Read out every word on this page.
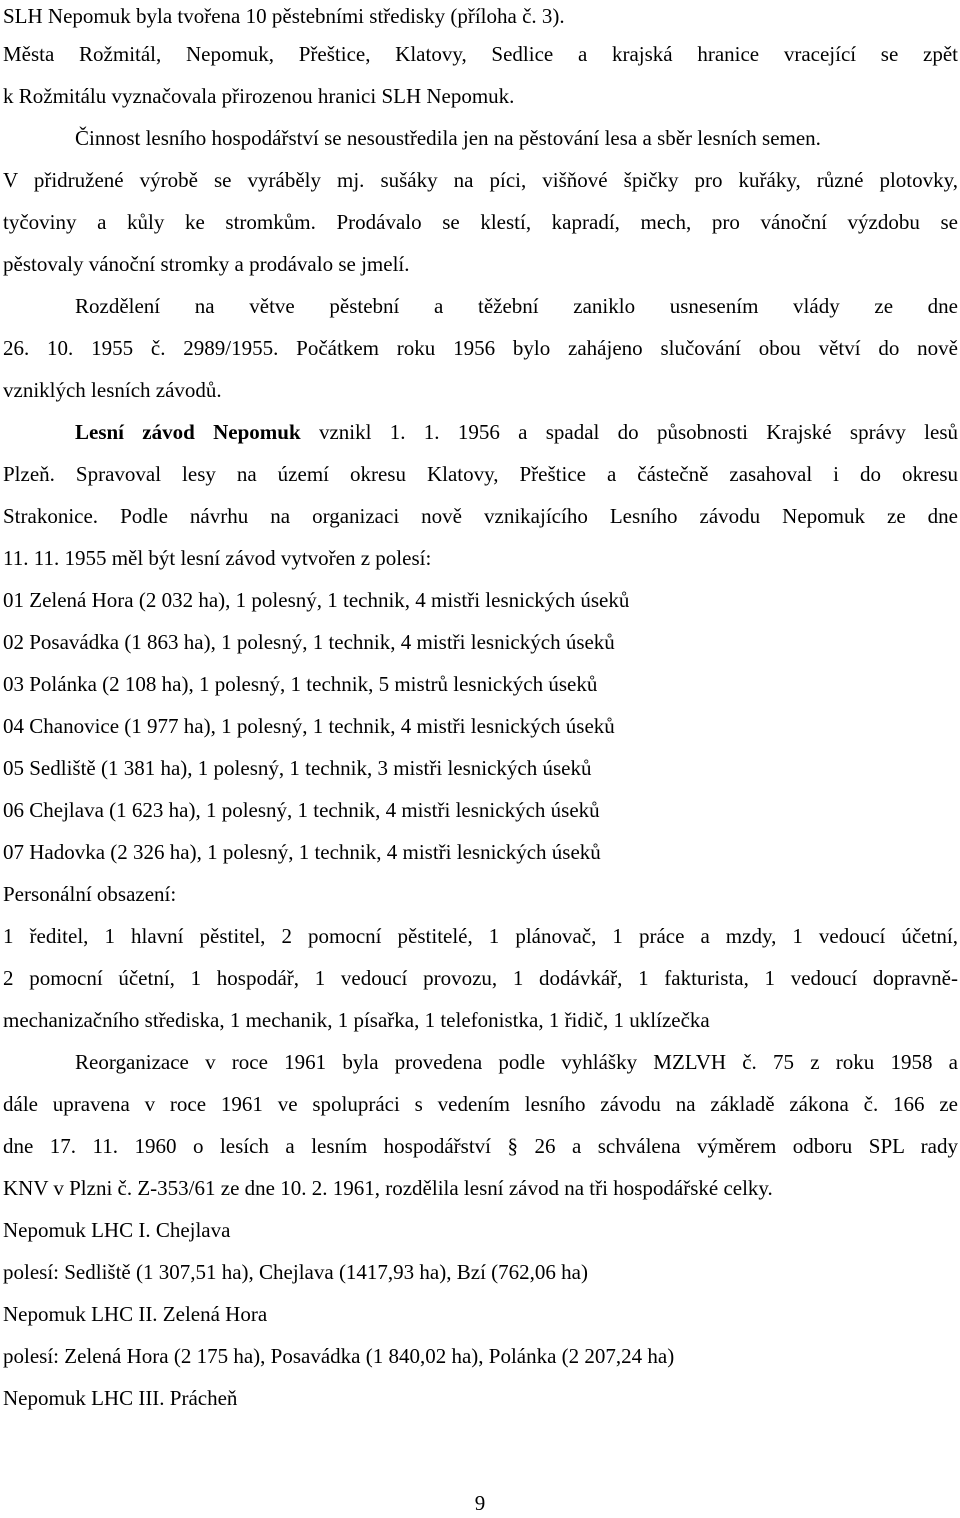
SLH Nepomuk byla tvořena 10 pěstebními středisky (příloha č. 3).

Města Rožmitál, Nepomuk, Přeštice, Klatovy, Sedlice a krajská hranice vracející se zpět

k Rožmitálu vyznačovala přirozenou hranici SLH Nepomuk.

Činnost lesního hospodářství se nesoustředila jen na pěstování lesa a sběr lesních semen.

V přidružené výrobě se vyráběly mj. sušáky na píci, višňové špičky pro kuřáky, různé plotovky,

tyčoviny a kůly ke stromkům. Prodávalo se klestí, kapradí, mech, pro vánoční výzdobu se

pěstovaly vánoční stromky a prodávalo se jmelí.

Rozdělení na větve pěstební a těžební zaniklo usnesením vlády ze dne

26. 10. 1955 č. 2989/1955. Počátkem roku 1956 bylo zahájeno slučování obou větví do nově

vzniklých lesních závodů.

Lesní závod Nepomuk vznikl 1. 1. 1956 a spadal do působnosti Krajské správy lesů

Plzeň. Spravoval lesy na území okresu Klatovy, Přeštice a částečně zasahoval i do okresu

Strakonice. Podle návrhu na organizaci nově vznikajícího Lesního závodu Nepomuk ze dne

11. 11. 1955 měl být lesní závod vytvořen z polesí:

01 Zelená Hora (2 032 ha), 1 polesný, 1 technik, 4 mistři lesnických úseků

02 Posavádka (1 863 ha), 1 polesný, 1 technik, 4 mistři lesnických úseků

03 Polánka (2 108 ha), 1 polesný, 1 technik, 5 mistrů lesnických úseků

04 Chanovice (1 977 ha), 1 polesný, 1 technik, 4 mistři lesnických úseků

05 Sedliště (1 381 ha), 1 polesný, 1 technik, 3 mistři lesnických úseků

06 Chejlava (1 623 ha), 1 polesný, 1 technik, 4 mistři lesnických úseků

07 Hadovka (2 326 ha), 1 polesný, 1 technik, 4 mistři lesnických úseků

Personální obsazení:

1 ředitel, 1 hlavní pěstitel, 2 pomocní pěstitelé, 1 plánovač, 1 práce a mzdy, 1 vedoucí účetní,

2 pomocní účetní, 1 hospodář, 1 vedoucí provozu, 1 dodávkář, 1 fakturista, 1 vedoucí dopravně-

mechanizačního střediska, 1 mechanik, 1 písařka, 1 telefonistka, 1 řidič, 1 uklízečka

Reorganizace v roce 1961 byla provedena podle vyhlášky MZLVH č. 75 z roku 1958 a

dále upravena v roce 1961 ve spolupráci s vedením lesního závodu na základě zákona č. 166 ze

dne 17. 11. 1960 o lesích a lesním hospodářství § 26 a schválena výměrem odboru SPL rady

KNV v Plzni č. Z-353/61 ze dne 10. 2. 1961, rozdělila lesní závod na tři hospodářské celky.

Nepomuk LHC I. Chejlava

polesí: Sedliště (1 307,51 ha), Chejlava (1417,93 ha), Bzí (762,06 ha)

Nepomuk LHC II. Zelená Hora

polesí: Zelená Hora (2 175 ha), Posavádka (1 840,02 ha), Polánka (2 207,24 ha)

Nepomuk LHC III. Prácheň

9
